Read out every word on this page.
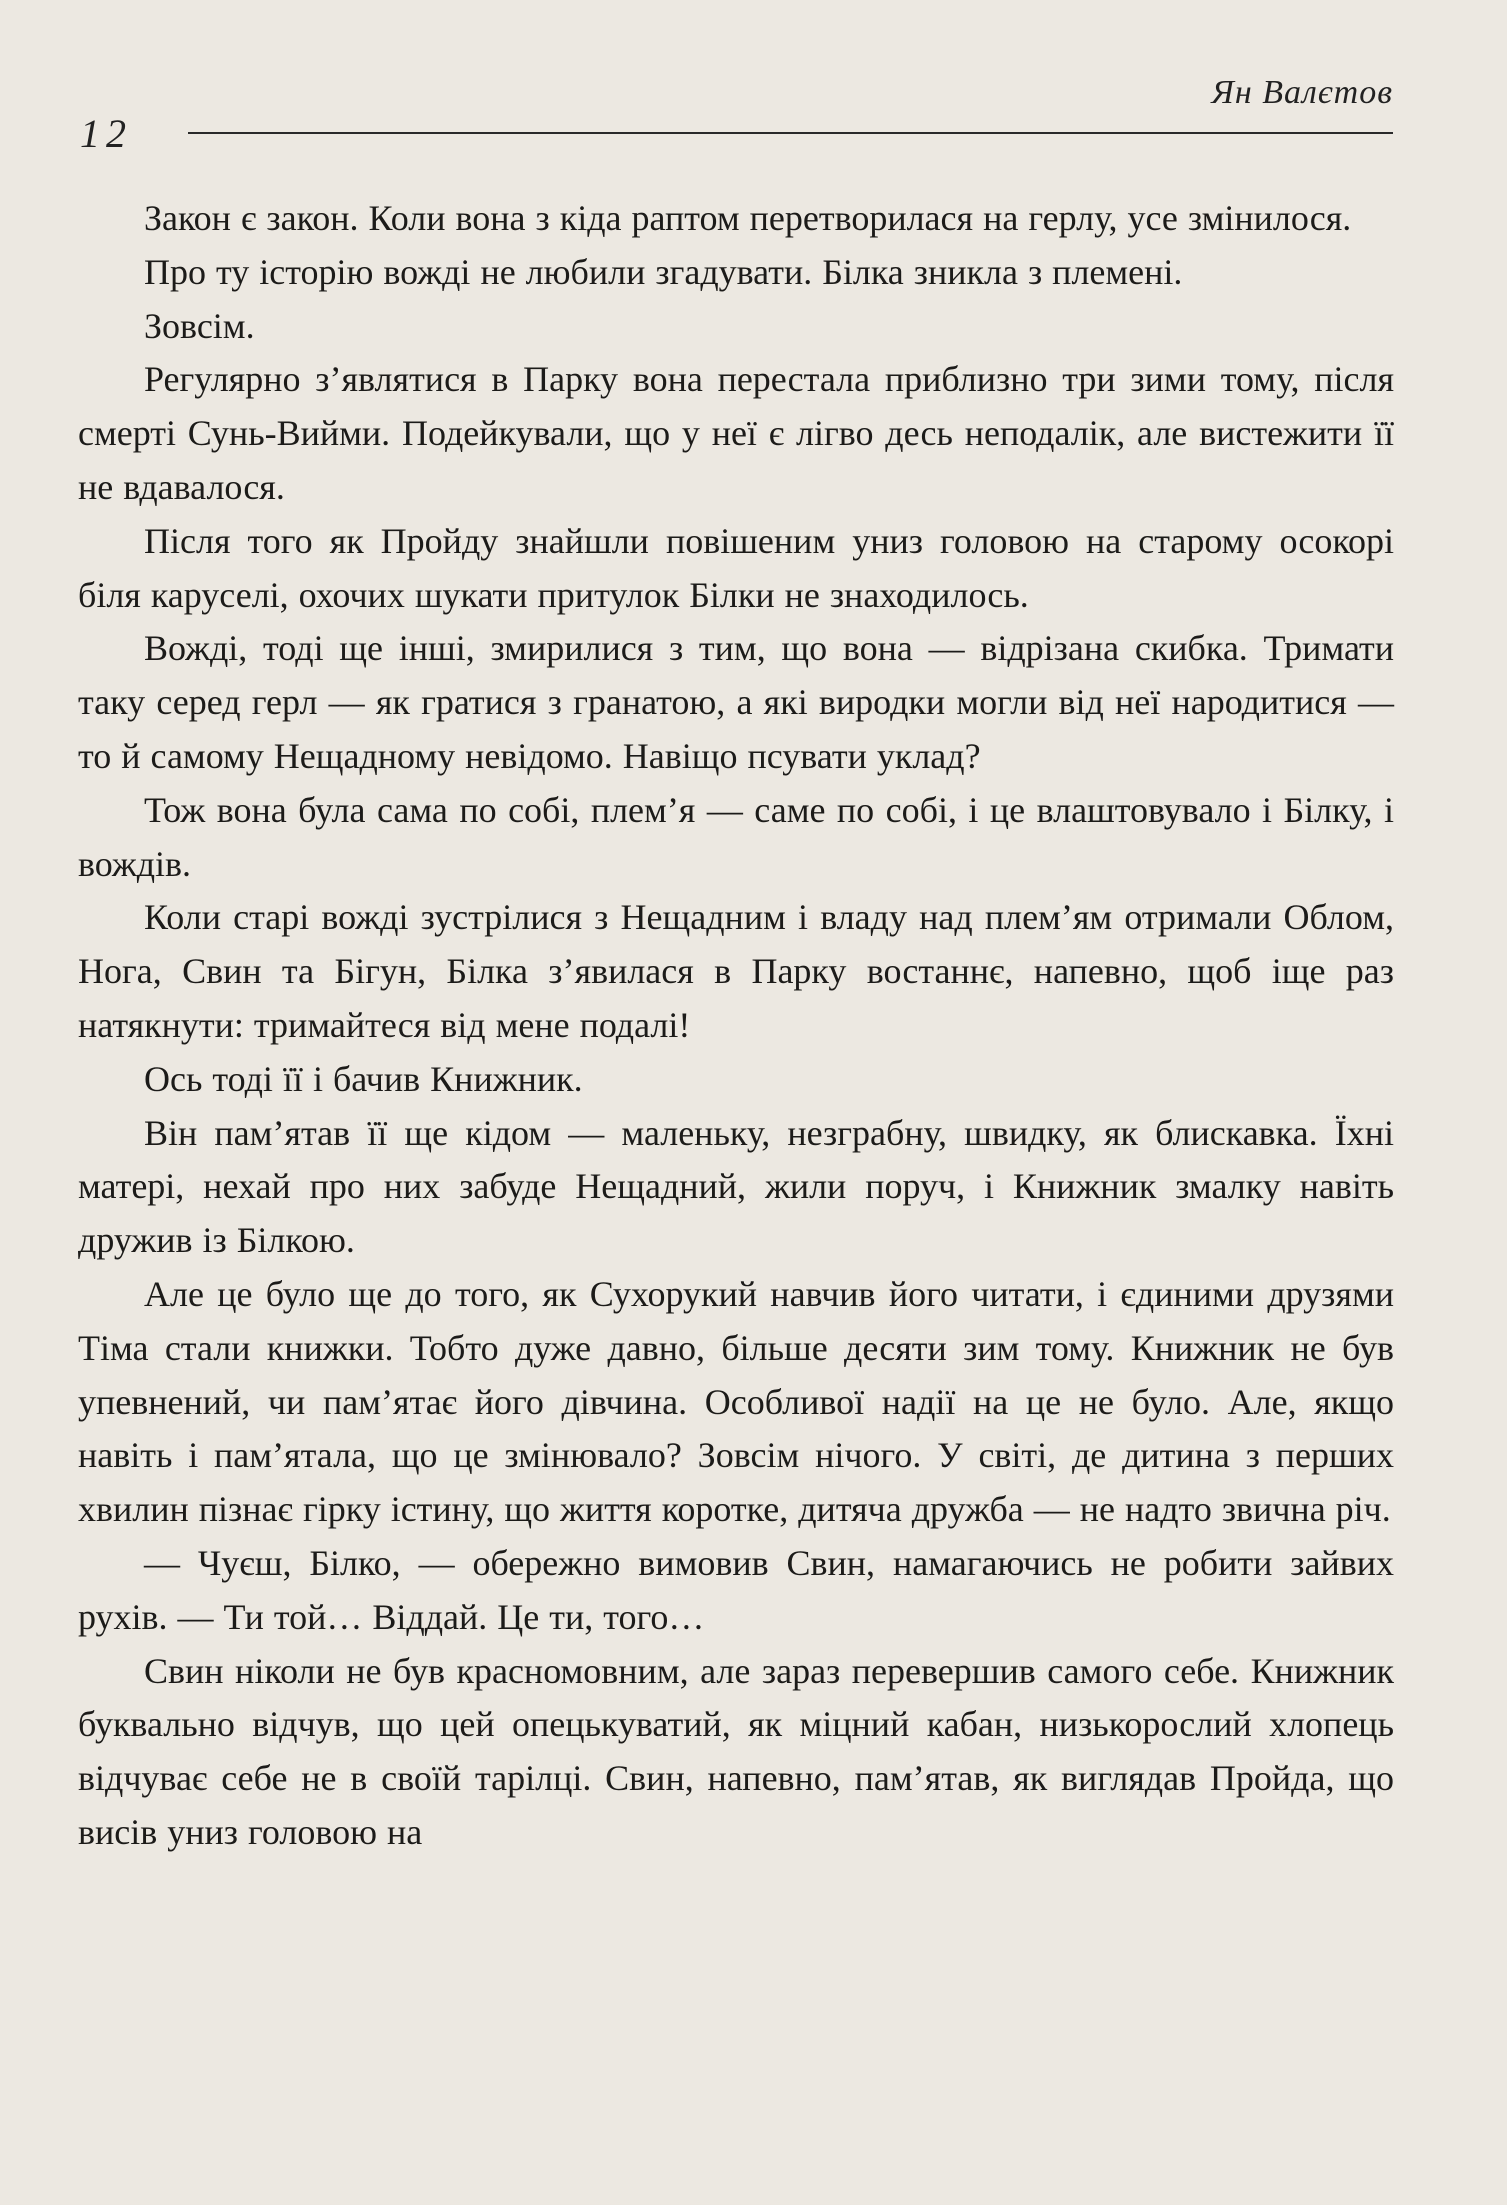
Ян Валєтов
12

Закон є закон. Коли вона з кіда раптом перетворилася на герлу, усе змінилося.

Про ту історію вожді не любили згадувати. Білка зникла з племені.

Зовсім.

Регулярно з’являтися в Парку вона перестала приблизно три зими тому, після смерті Сунь-Вийми. Подейкували, що у неї є лігво десь неподалік, але вистежити її не вдавалося.

Після того як Пройду знайшли повішеним униз головою на старому осокорі біля каруселі, охочих шукати притулок Білки не знаходилось.

Вожді, тоді ще інші, змирилися з тим, що вона — відрізана скибка. Тримати таку серед герл — як гратися з гранатою, а які виродки могли від неї народитися — то й самому Нещадному невідомо. Навіщо псувати уклад?

Тож вона була сама по собі, плем’я — саме по собі, і це влаштовувало і Білку, і вождів.

Коли старі вожді зустрілися з Нещадним і владу над плем’ям отримали Облом, Нога, Свин та Бігун, Білка з’явилася в Парку востаннє, напевно, щоб іще раз натякнути: тримайтеся від мене подалі!

Ось тоді її і бачив Книжник.

Він пам’ятав її ще кідом — маленьку, незграбну, швидку, як блискавка. Їхні матері, нехай про них забуде Нещадний, жили поруч, і Книжник змалку навіть дружив із Білкою.

Але це було ще до того, як Сухорукий навчив його читати, і єдиними друзями Тіма стали книжки. Тобто дуже давно, більше десяти зим тому. Книжник не був упевнений, чи пам’ятає його дівчина. Особливої надії на це не було. Але, якщо навіть і пам’ятала, що це змінювало? Зовсім нічого. У світі, де дитина з перших хвилин пізнає гірку істину, що життя коротке, дитяча дружба — не надто звична річ.

— Чуєш, Білко, — обережно вимовив Свин, намагаючись не робити зайвих рухів. — Ти той… Віддай. Це ти, того…

Свин ніколи не був красномовним, але зараз перевершив самого себе. Книжник буквально відчув, що цей опецькуватий, як міцний кабан, низькорослий хлопець відчуває себе не в своїй тарілці. Свин, напевно, пам’ятав, як виглядав Пройда, що висів униз головою на
